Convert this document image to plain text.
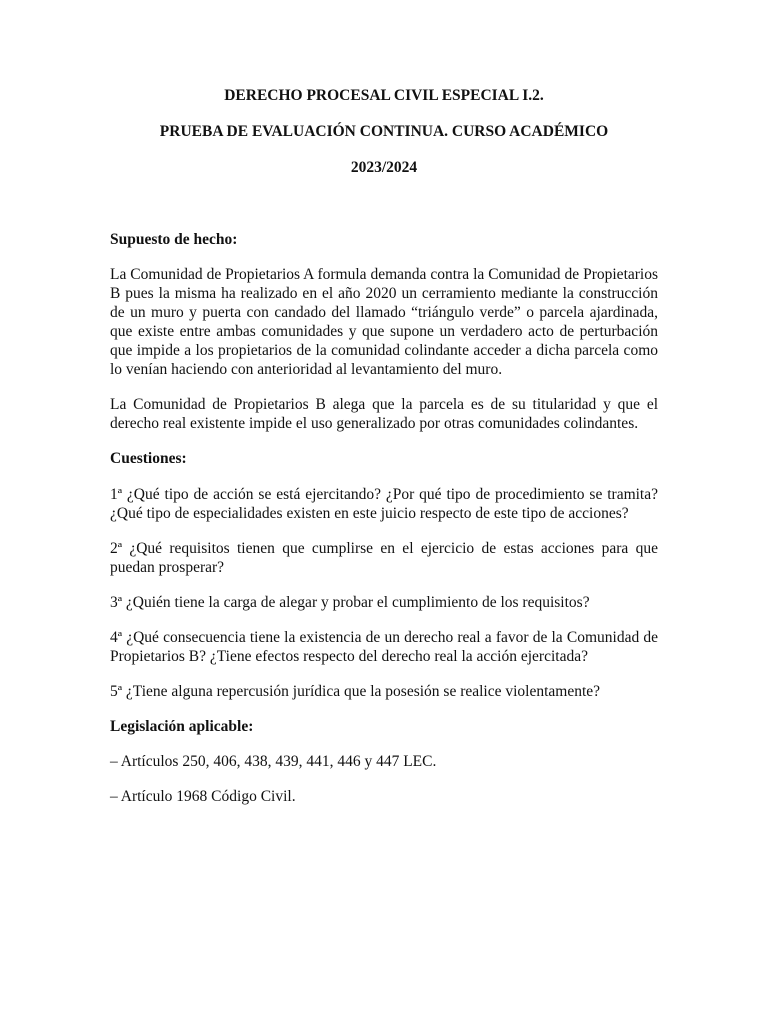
DERECHO PROCESAL CIVIL ESPECIAL I.2.

PRUEBA DE EVALUACIÓN CONTINUA. CURSO ACADÉMICO

2023/2024

Supuesto de hecho:

La Comunidad de Propietarios A formula demanda contra la Comunidad de Propietarios B pues la misma ha realizado en el año 2020 un cerramiento mediante la construcción de un muro y puerta con candado del llamado “triángulo verde” o parcela ajardinada, que existe entre ambas comunidades y que supone un verdadero acto de perturbación que impide a los propietarios de la comunidad colindante acceder a dicha parcela como lo venían haciendo con anterioridad al levantamiento del muro.

La Comunidad de Propietarios B alega que la parcela es de su titularidad y que el derecho real existente impide el uso generalizado por otras comunidades colindantes.

Cuestiones:

1ª ¿Qué tipo de acción se está ejercitando? ¿Por qué tipo de procedimiento se tramita? ¿Qué tipo de especialidades existen en este juicio respecto de este tipo de acciones?

2ª ¿Qué requisitos tienen que cumplirse en el ejercicio de estas acciones para que puedan prosperar?

3ª ¿Quién tiene la carga de alegar y probar el cumplimiento de los requisitos?

4ª ¿Qué consecuencia tiene la existencia de un derecho real a favor de la Comunidad de Propietarios B? ¿Tiene efectos respecto del derecho real la acción ejercitada?

5ª ¿Tiene alguna repercusión jurídica que la posesión se realice violentamente?

Legislación aplicable:

– Artículos 250, 406, 438, 439, 441, 446 y 447 LEC.

– Artículo 1968 Código Civil.
